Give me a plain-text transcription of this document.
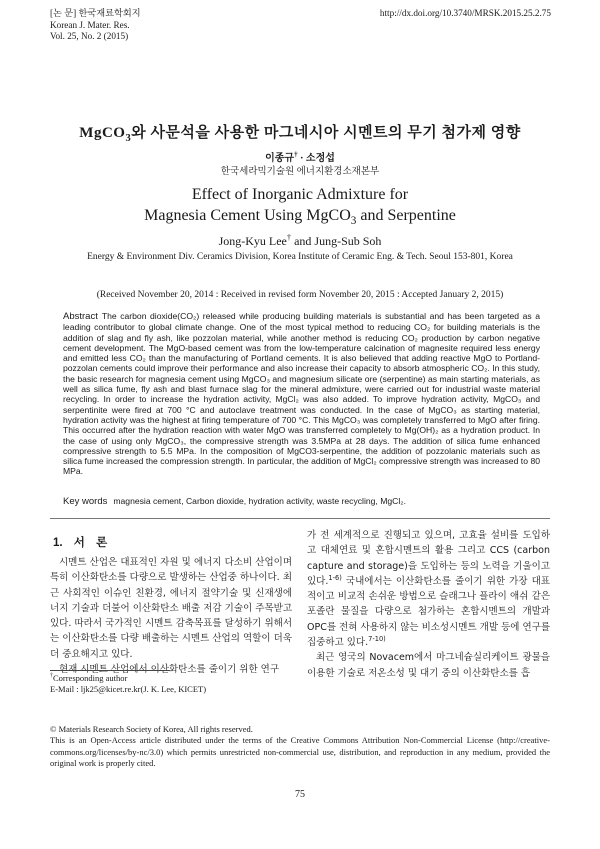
[논 문] 한국재료학회지
Korean J. Mater. Res.
Vol. 25, No. 2 (2015)
http://dx.doi.org/10.3740/MRSK.2015.25.2.75
MgCO$_3$와 사문석을 사용한 마그네시아 시멘트의 무기 첨가제 영향
이종규† · 소정섭
한국세라믹기술원 에너지환경소재본부
Effect of Inorganic Admixture for
Magnesia Cement Using MgCO$_3$ and Serpentine
Jong-Kyu Lee† and Jung-Sub Soh
Energy & Environment Div. Ceramics Division, Korea Institute of Ceramic Eng. & Tech. Seoul 153-801, Korea
(Received November 20, 2014 : Received in revised form November 20, 2015 : Accepted January 2, 2015)
Abstract The carbon dioxide(CO₂) released while producing building materials is substantial and has been targeted as a leading contributor to global climate change. One of the most typical method to reducing CO₂ for building materials is the addition of slag and fly ash, like pozzolan material, while another method is reducing CO₂ production by carbon negative cement development. The MgO-based cement was from the low-temperature calcination of magnesite required less energy and emitted less CO₂ than the manufacturing of Portland cements. It is also believed that adding reactive MgO to Portland-pozzolan cements could improve their performance and also increase their capacity to absorb atmospheric CO₂. In this study, the basic research for magnesia cement using MgCO₃ and magnesium silicate ore (serpentine) as main starting materials, as well as silica fume, fly ash and blast furnace slag for the mineral admixture, were carried out for industrial waste material recycling. In order to increase the hydration activity, MgCl₂ was also added. To improve hydration activity, MgCO₃ and serpentinite were fired at 700 °C and autoclave treatment was conducted. In the case of MgCO₃ as starting material, hydration activity was the highest at firing temperature of 700 °C. This MgCO₃ was completely transferred to MgO after firing. This occurred after the hydration reaction with water MgO was transferred completely to Mg(OH)₂ as a hydration product. In the case of using only MgCO₃, the compressive strength was 3.5MPa at 28 days. The addition of silica fume enhanced compressive strength to 5.5 MPa. In the composition of MgCO3-serpentine, the addition of pozzolanic materials such as silica fume increased the compression strength. In particular, the addition of MgCl₂ compressive strength was increased to 80 MPa.
Key words magnesia cement, Carbon dioxide, hydration activity, waste recycling, MgCl₂.
1. 서 론

시멘트 산업은 대표적인 자원 및 에너지 다소비 산업이며 특히 이산화탄소를 다량으로 발생하는 산업중 하나이다. 최근 사회적인 이슈인 친환경, 에너지 절약기술 및 신재생에너지 기술과 더불어 이산화탄소 배출 저감 기술이 주목받고 있다. 따라서 국가적인 시멘트 감축목표를 달성하기 위해서는 이산화탄소를 다량 배출하는 시멘트 산업의 역할이 더욱 더 중요해지고 있다.

현재 시멘트 산업에서 이산화탄소를 줄이기 위한 연구

가 전 세계적으로 진행되고 있으며, 고효율 설비를 도입하고 대체연료 및 혼합시멘트의 활용 그리고 CCS (carbon capture and storage)을 도입하는 등의 노력을 기울이고 있다.$^{1-6)}$ 국내에서는 이산화탄소를 줄이기 위한 가장 대표적이고 비교적 손쉬운 방법으로 슬래그나 플라이 애쉬 같은 포졸란 물질을 다량으로 첨가하는 혼합시멘트의 개발과 OPC를 전혀 사용하지 않는 비소성시멘트 개발 등에 연구를 집중하고 있다.$^{7-10)}$

최근 영국의 Novacem에서 마그네슘실리케이트 광물을 이용한 기술로 저온소성 및 대기 중의 이산화탄소를 흡

†Corresponding author
E-Mail : ljk25@kicet.re.kr(J. K. Lee, KICET)
© Materials Research Society of Korea, All rights reserved.
This is an Open-Access article distributed under the terms of the Creative Commons Attribution Non-Commercial License (http://creative-commons.org/licenses/by-nc/3.0) which permits unrestricted non-commercial use, distribution, and reproduction in any medium, provided the original work is properly cited.
75
